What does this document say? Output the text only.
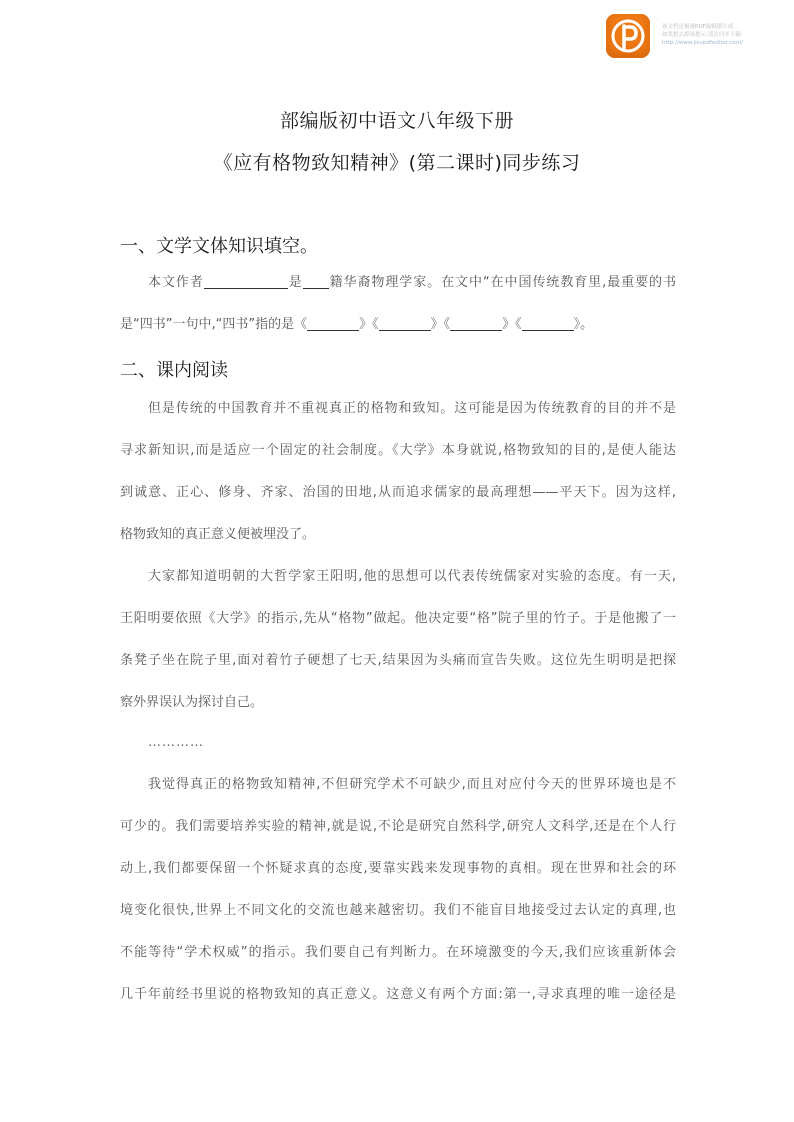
该文档是极速PDF编辑器生成,
如果想去掉该提示,请访问并下载:
http://www.jisupdfeditor.com/
部编版初中语文八年级下册
《应有格物致知精神》(第二课时)同步练习
一、文学文体知识填空。
本文作者	是 籍华裔物理学家。在文中“在中国传统教育里,最重要的书
是“四书”一句中,“四书”指的是《	》《	》《	》《	》。
二、课内阅读
但是传统的中国教育并不重视真正的格物和致知。这可能是因为传统教育的目的并不是
寻求新知识,而是适应一个固定的社会制度。《大学》本身就说,格物致知的目的,是使人能达
到诚意、正心、修身、齐家、治国的田地,从而追求儒家的最高理想——平天下。因为这样,
格物致知的真正意义便被埋没了。
大家都知道明朝的大哲学家王阳明,他的思想可以代表传统儒家对实验的态度。有一天,
王阳明要依照《大学》的指示,先从“格物”做起。他决定要“格”院子里的竹子。于是他搬了一
条凳子坐在院子里,面对着竹子硬想了七天,结果因为头痛而宣告失败。这位先生明明是把探
察外界误认为探讨自己。
…………
我觉得真正的格物致知精神,不但研究学术不可缺少,而且对应付今天的世界环境也是不
可少的。我们需要培养实验的精神,就是说,不论是研究自然科学,研究人文科学,还是在个人行
动上,我们都要保留一个怀疑求真的态度,要靠实践来发现事物的真相。现在世界和社会的环
境变化很快,世界上不同文化的交流也越来越密切。我们不能盲目地接受过去认定的真理,也
不能等待“学术权威”的指示。我们要自己有判断力。在环境激变的今天,我们应该重新体会
几千年前经书里说的格物致知的真正意义。这意义有两个方面:第一,寻求真理的唯一途径是
